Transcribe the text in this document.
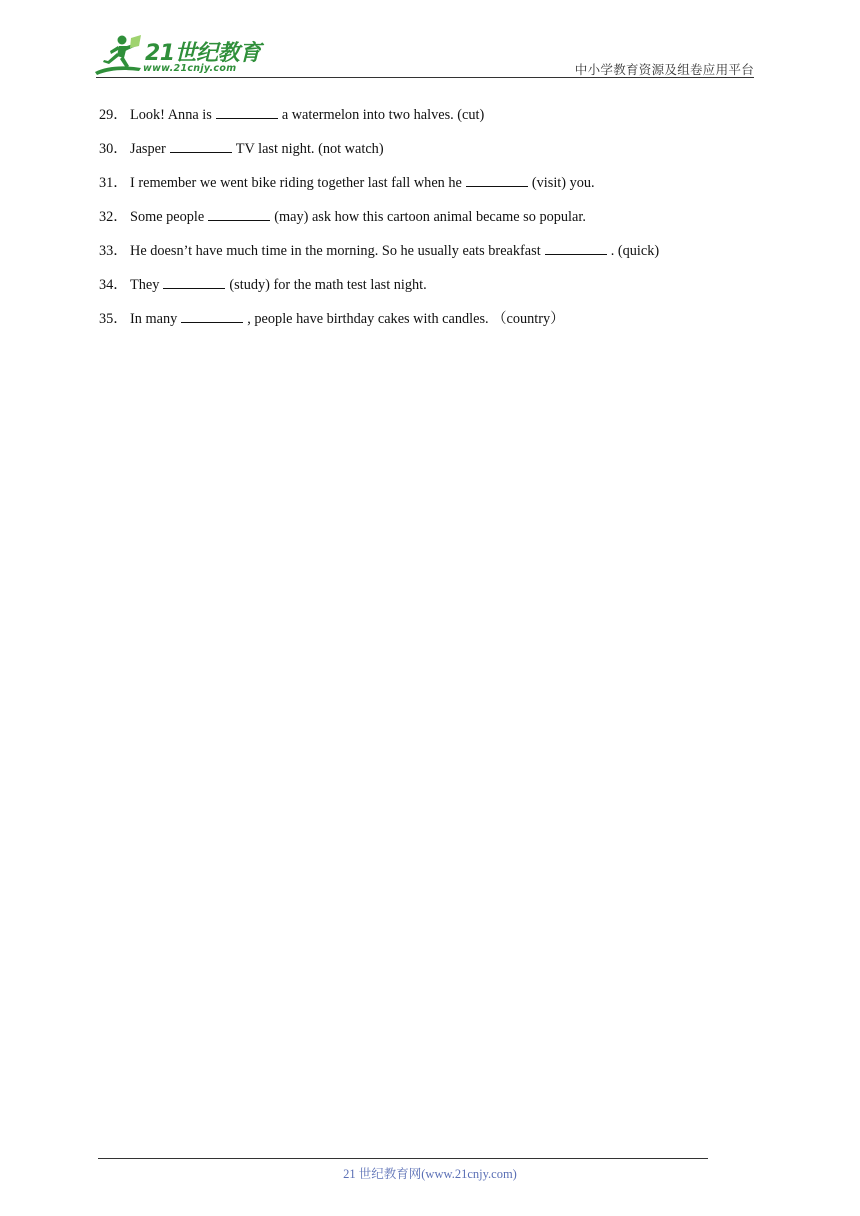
21世纪教育
www.21cnjy.com	中小学教育资源及组卷应用平台
29． Look! Anna is	a watermelon into two halves. (cut)
30． Jasper	TV last night. (not watch)
31． I remember we went bike riding together last fall when he	(visit) you.
32． Some people	(may) ask how this cartoon animal became so popular.
33． He doesn’t have much time in the morning. So he usually eats breakfast	. (quick)
34． They	(study) for the math test last night.
35． In many	, people have birthday cakes with candles. （country）
21 世纪教育网(www.21cnjy.com)
